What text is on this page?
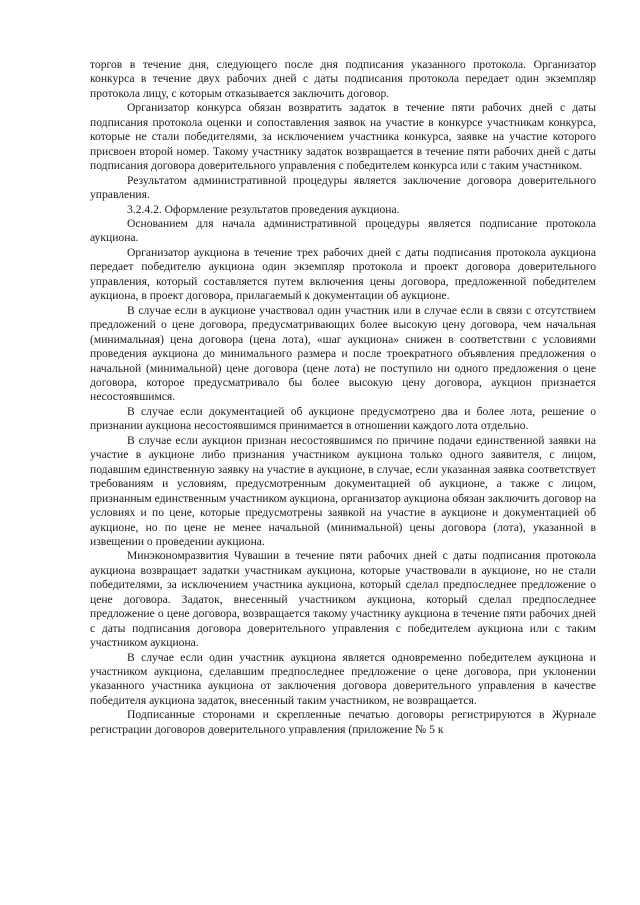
торгов в течение дня, следующего после дня подписания указанного протокола. Организатор конкурса в течение двух рабочих дней с даты подписания протокола передает один экземпляр протокола лицу, с которым отказывается заключить договор.

Организатор конкурса обязан возвратить задаток в течение пяти рабочих дней с даты подписания протокола оценки и сопоставления заявок на участие в конкурсе участникам конкурса, которые не стали победителями, за исключением участника конкурса, заявке на участие которого присвоен второй номер. Такому участнику задаток возвращается в течение пяти рабочих дней с даты подписания договора доверительного управления с победителем конкурса или с таким участником.

Результатом административной процедуры является заключение договора доверительного управления.

3.2.4.2. Оформление результатов проведения аукциона.

Основанием для начала административной процедуры является подписание протокола аукциона.

Организатор аукциона в течение трех рабочих дней с даты подписания протокола аукциона передает победителю аукциона один экземпляр протокола и проект договора доверительного управления, который составляется путем включения цены договора, предложенной победителем аукциона, в проект договора, прилагаемый к документации об аукционе.

В случае если в аукционе участвовал один участник или в случае если в связи с отсутствием предложений о цене договора, предусматривающих более высокую цену договора, чем начальная (минимальная) цена договора (цена лота), «шаг аукциона» снижен в соответствии с условиями проведения аукциона до минимального размера и после троекратного объявления предложения о начальной (минимальной) цене договора (цене лота) не поступило ни одного предложения о цене договора, которое предусматривало бы более высокую цену договора, аукцион признается несостоявшимся.

В случае если документацией об аукционе предусмотрено два и более лота, решение о признании аукциона несостоявшимся принимается в отношении каждого лота отдельно.

В случае если аукцион признан несостоявшимся по причине подачи единственной заявки на участие в аукционе либо признания участником аукциона только одного заявителя, с лицом, подавшим единственную заявку на участие в аукционе, в случае, если указанная заявка соответствует требованиям и условиям, предусмотренным документацией об аукционе, а также с лицом, признанным единственным участником аукциона, организатор аукциона обязан заключить договор на условиях и по цене, которые предусмотрены заявкой на участие в аукционе и документацией об аукционе, но по цене не менее начальной (минимальной) цены договора (лота), указанной в извещении о проведении аукциона.

Минэкономразвития Чувашии в течение пяти рабочих дней с даты подписания протокола аукциона возвращает задатки участникам аукциона, которые участвовали в аукционе, но не стали победителями, за исключением участника аукциона, который сделал предпоследнее предложение о цене договора. Задаток, внесенный участником аукциона, который сделал предпоследнее предложение о цене договора, возвращается такому участнику аукциона в течение пяти рабочих дней с даты подписания договора доверительного управления с победителем аукциона или с таким участником аукциона.

В случае если один участник аукциона является одновременно победителем аукциона и участником аукциона, сделавшим предпоследнее предложение о цене договора, при уклонении указанного участника аукциона от заключения договора доверительного управления в качестве победителя аукциона задаток, внесенный таким участником, не возвращается.

Подписанные сторонами и скрепленные печатью договоры регистрируются в Журнале регистрации договоров доверительного управления (приложение № 5 к
